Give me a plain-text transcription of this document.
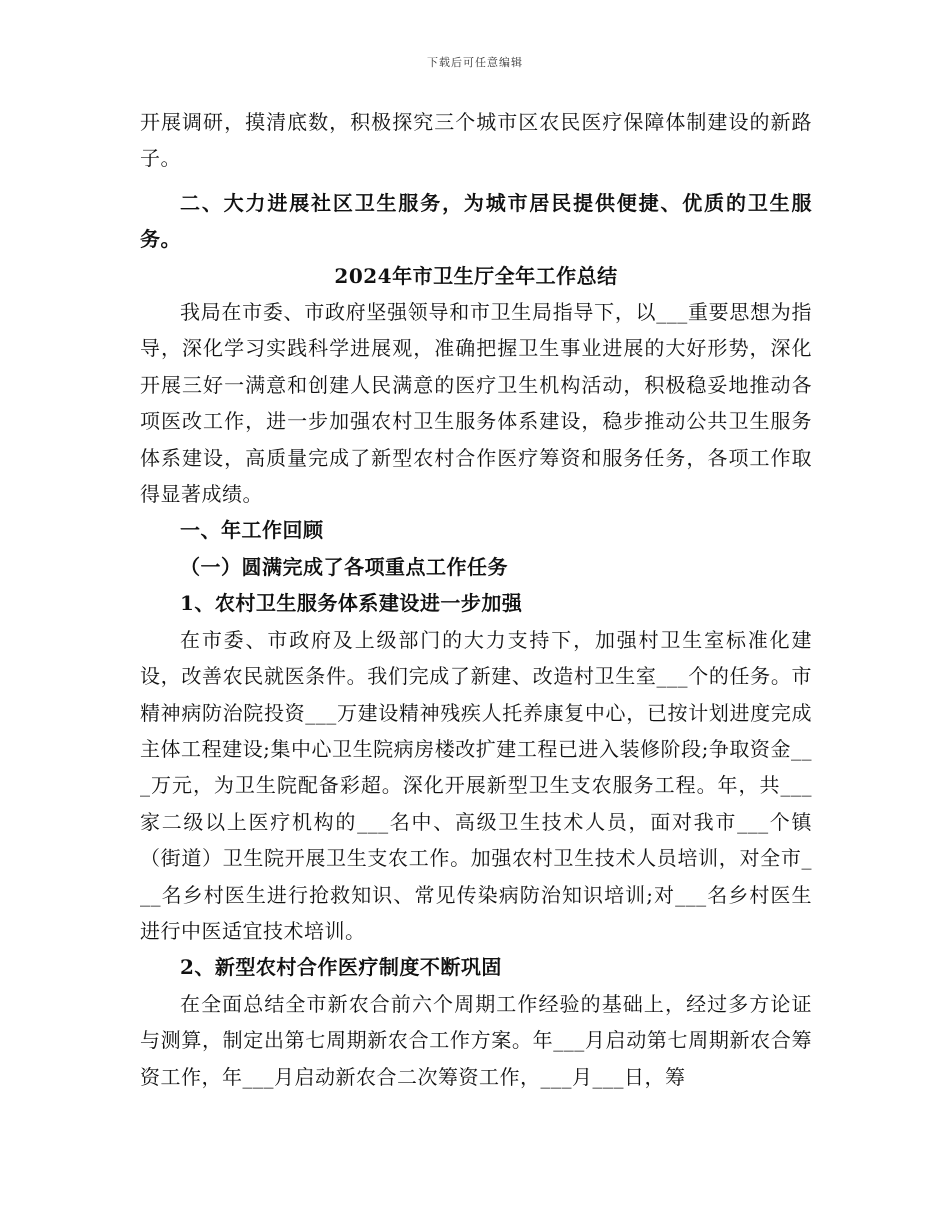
下载后可任意编辑

开展调研，摸清底数，积极探究三个城市区农民医疗保障体制建设的新路子。

二、大力进展社区卫生服务，为城市居民提供便捷、优质的卫生服务。

2024年市卫生厅全年工作总结

我局在市委、市政府坚强领导和市卫生局指导下，以___重要思想为指导，深化学习实践科学进展观，准确把握卫生事业进展的大好形势，深化开展三好一满意和创建人民满意的医疗卫生机构活动，积极稳妥地推动各项医改工作，进一步加强农村卫生服务体系建设，稳步推动公共卫生服务体系建设，高质量完成了新型农村合作医疗筹资和服务任务，各项工作取得显著成绩。

一、年工作回顾

（一）圆满完成了各项重点工作任务

1、农村卫生服务体系建设进一步加强

在市委、市政府及上级部门的大力支持下，加强村卫生室标准化建设，改善农民就医条件。我们完成了新建、改造村卫生室___个的任务。市精神病防治院投资___万建设精神残疾人托养康复中心，已按计划进度完成主体工程建设;集中心卫生院病房楼改扩建工程已进入装修阶段;争取资金___万元，为卫生院配备彩超。深化开展新型卫生支农服务工程。年，共___家二级以上医疗机构的___名中、高级卫生技术人员，面对我市___个镇（街道）卫生院开展卫生支农工作。加强农村卫生技术人员培训，对全市___名乡村医生进行抢救知识、常见传染病防治知识培训;对___名乡村医生进行中医适宜技术培训。

2、新型农村合作医疗制度不断巩固

在全面总结全市新农合前六个周期工作经验的基础上，经过多方论证与测算，制定出第七周期新农合工作方案。年___月启动第七周期新农合筹资工作，年___月启动新农合二次筹资工作，___月___日，筹
